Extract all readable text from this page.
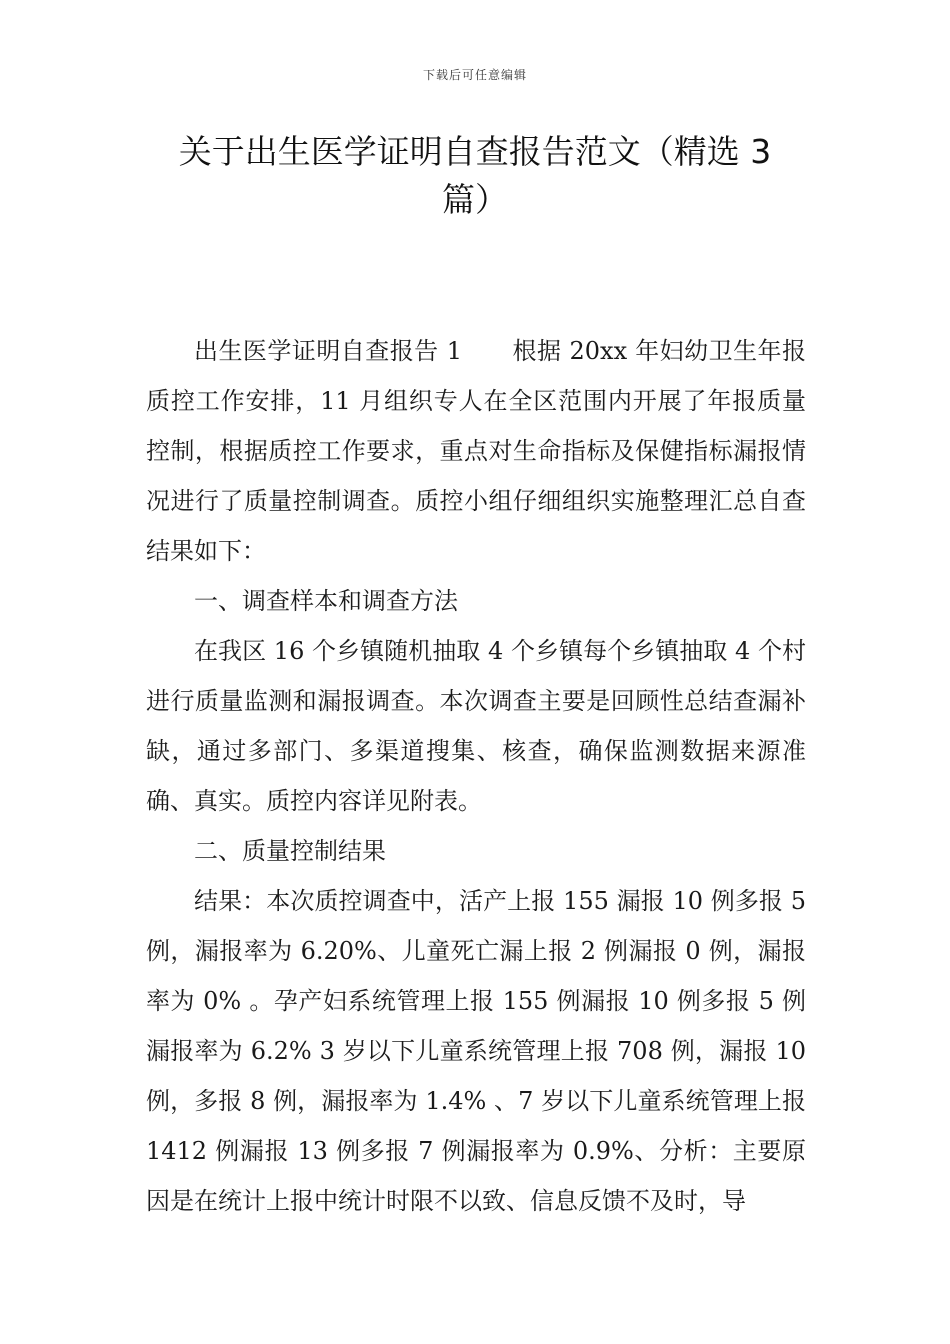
下载后可任意编辑
关于出生医学证明自查报告范文（精选 3 篇）

出生医学证明自查报告 1 根据 20xx 年妇幼卫生年报质控工作安排，11 月组织专人在全区范围内开展了年报质量控制，根据质控工作要求，重点对生命指标及保健指标漏报情况进行了质量控制调查。质控小组仔细组织实施整理汇总自查结果如下：

一、调查样本和调查方法

在我区 16 个乡镇随机抽取 4 个乡镇每个乡镇抽取 4 个村进行质量监测和漏报调查。本次调查主要是回顾性总结查漏补缺，通过多部门、多渠道搜集、核查，确保监测数据来源准确、真实。质控内容详见附表。

二、质量控制结果

结果：本次质控调查中，活产上报 155 漏报 10 例多报 5 例，漏报率为 6.20%、儿童死亡漏上报 2 例漏报 0 例，漏报率为 0% 。孕产妇系统管理上报 155 例漏报 10 例多报 5 例漏报率为 6.2% 3 岁以下儿童系统管理上报 708 例，漏报 10 例，多报 8 例，漏报率为 1.4% 、7 岁以下儿童系统管理上报 1412 例漏报 13 例多报 7 例漏报率为 0.9%、分析：主要原因是在统计上报中统计时限不以致、信息反馈不及时，导
